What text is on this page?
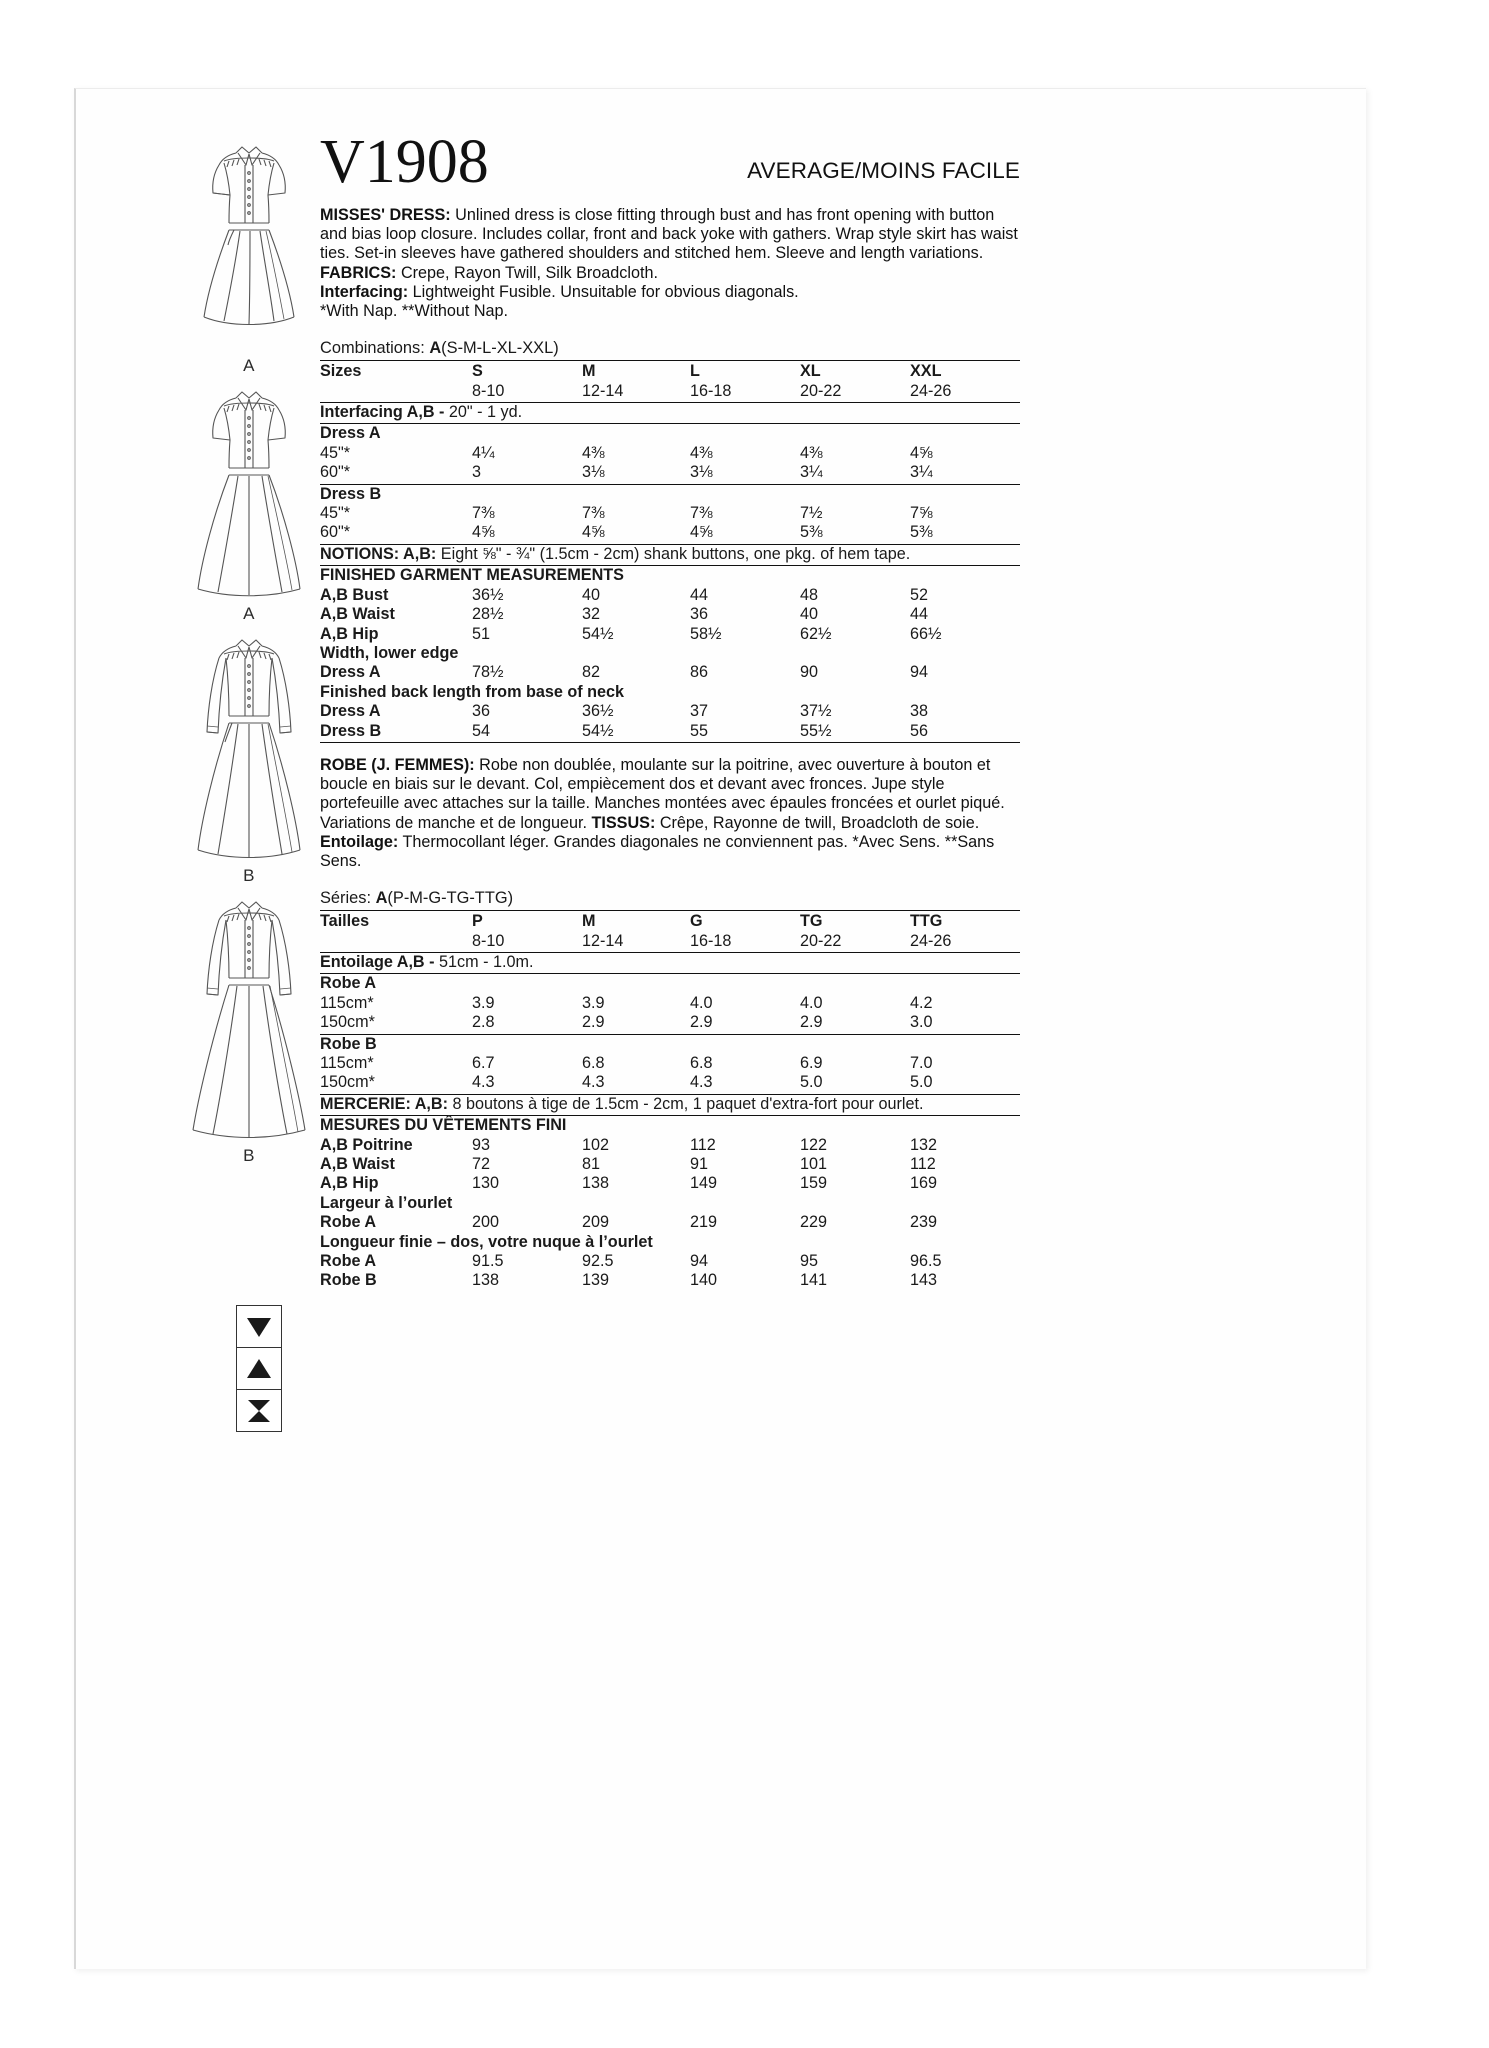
A
A
B
B
V1908	AVERAGE/MOINS FACILE
MISSES' DRESS: Unlined dress is close fitting through bust and has front opening with button and bias loop closure. Includes collar, front and back yoke with gathers. Wrap style skirt has waist ties. Set-in sleeves have gathered shoulders and stitched hem. Sleeve and length variations. FABRICS: Crepe, Rayon Twill, Silk Broadcloth.
Interfacing: Lightweight Fusible. Unsuitable for obvious diagonals.
*With Nap. **Without Nap.
Combinations: A(S-M-L-XL-XXL)
Sizes	S	M	L	XL	XXL
	8-10	12-14	16-18	20-22	24-26
Interfacing A,B - 20" - 1 yd.					
Dress A					
45"*	4¼	4⅜	4⅜	4⅜	4⅝
60"*	3	3⅛	3⅛	3¼	3¼
Dress B					
45"*	7⅜	7⅜	7⅜	7½	7⅝
60"*	4⅝	4⅝	4⅝	5⅜	5⅜
NOTIONS: A,B: Eight ⅝" - ¾" (1.5cm - 2cm) shank buttons, one pkg. of hem tape.					
FINISHED GARMENT MEASUREMENTS					
A,B Bust	36½	40	44	48	52
A,B Waist	28½	32	36	40	44
A,B Hip	51	54½	58½	62½	66½
Width, lower edge					
Dress A	78½	82	86	90	94
Finished back length from base of neck					
Dress A	36	36½	37	37½	38
Dress B	54	54½	55	55½	56
ROBE (J. FEMMES): Robe non doublée, moulante sur la poitrine, avec ouverture à bouton et boucle en biais sur le devant. Col, empiècement dos et devant avec fronces. Jupe style portefeuille avec attaches sur la taille. Manches montées avec épaules froncées et ourlet piqué. Variations de manche et de longueur. TISSUS: Crêpe, Rayonne de twill, Broadcloth de soie. Entoilage: Thermocollant léger. Grandes diagonales ne conviennent pas. *Avec Sens. **Sans Sens.
Séries: A(P-M-G-TG-TTG)
Tailles	P	M	G	TG	TTG
	8-10	12-14	16-18	20-22	24-26
Entoilage A,B - 51cm - 1.0m.					
Robe A					
115cm*	3.9	3.9	4.0	4.0	4.2
150cm*	2.8	2.9	2.9	2.9	3.0
Robe B					
115cm*	6.7	6.8	6.8	6.9	7.0
150cm*	4.3	4.3	4.3	5.0	5.0
MERCERIE: A,B: 8 boutons à tige de 1.5cm - 2cm, 1 paquet d'extra-fort pour ourlet.					
MESURES DU VÊTEMENTS FINI					
A,B Poitrine	93	102	112	122	132
A,B Waist	72	81	91	101	112
A,B Hip	130	138	149	159	169
Largeur à l’ourlet					
Robe A	200	209	219	229	239
Longueur finie – dos, votre nuque à l’ourlet					
Robe A	91.5	92.5	94	95	96.5
Robe B	138	139	140	141	143
